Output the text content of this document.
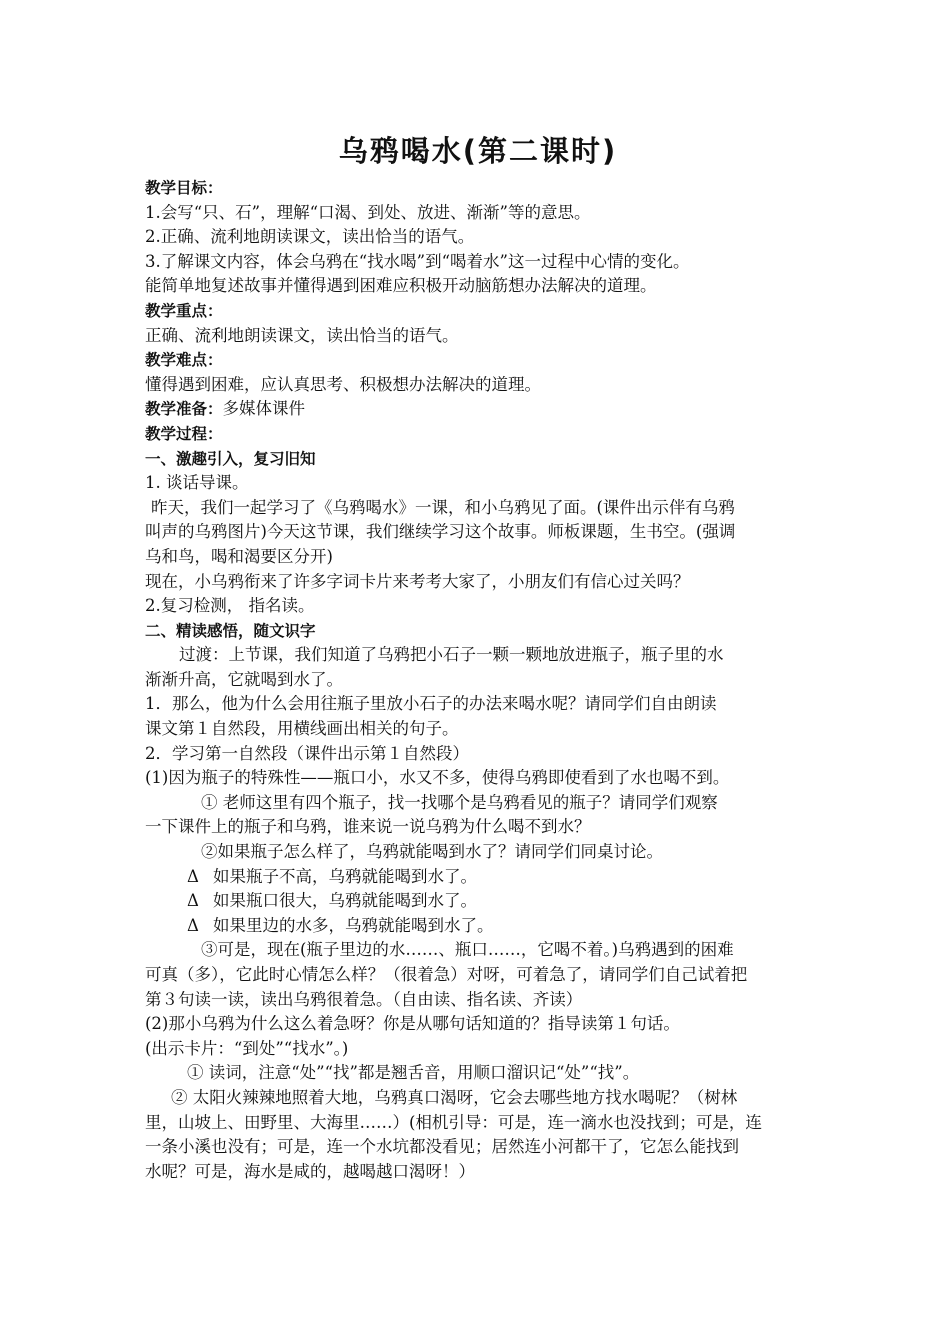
乌鸦喝水(第二课时)

教学目标：

1.会写“只、石”，理解“口渴、到处、放进、渐渐”等的意思。

2.正确、流利地朗读课文，读出恰当的语气。

3.了解课文内容，体会乌鸦在“找水喝”到“喝着水”这一过程中心情的变化。

能简单地复述故事并懂得遇到困难应积极开动脑筋想办法解决的道理。

教学重点：

正确、流利地朗读课文，读出恰当的语气。

教学难点：

懂得遇到困难，应认真思考、积极想办法解决的道理。

教学准备：多媒体课件

教学过程：

一、激趣引入，复习旧知

1. 谈话导课。

昨天，我们一起学习了《乌鸦喝水》一课，和小乌鸦见了面。(课件出示伴有乌鸦

叫声的乌鸦图片)今天这节课，我们继续学习这个故事。师板课题，生书空。(强调

乌和鸟，喝和渴要区分开)

现在，小乌鸦衔来了许多字词卡片来考考大家了，小朋友们有信心过关吗？

2.复习检测， 指名读。

二、精读感悟，随文识字

过渡：上节课，我们知道了乌鸦把小石子一颗一颗地放进瓶子，瓶子里的水

渐渐升高，它就喝到水了。

1．那么，他为什么会用往瓶子里放小石子的办法来喝水呢？请同学们自由朗读

课文第１自然段，用横线画出相关的句子。

2．学习第一自然段（课件出示第１自然段）

(1)因为瓶子的特殊性——瓶口小，水又不多，使得乌鸦即使看到了水也喝不到。

① 老师这里有四个瓶子，找一找哪个是乌鸦看见的瓶子？请同学们观察

一下课件上的瓶子和乌鸦，谁来说一说乌鸦为什么喝不到水？

②如果瓶子怎么样了，乌鸦就能喝到水了？请同学们同桌讨论。

Δ 如果瓶子不高，乌鸦就能喝到水了。

Δ 如果瓶口很大，乌鸦就能喝到水了。

Δ 如果里边的水多，乌鸦就能喝到水了。

③可是，现在(瓶子里边的水……、瓶口……，它喝不着。)乌鸦遇到的困难

可真（多），它此时心情怎么样？（很着急）对呀，可着急了，请同学们自己试着把

第３句读一读，读出乌鸦很着急。（自由读、指名读、齐读）

(2)那小乌鸦为什么这么着急呀？你是从哪句话知道的？指导读第１句话。

(出示卡片：“到处”“找水”。)

① 读词，注意“处”“找”都是翘舌音，用顺口溜识记“处”“找”。

② 太阳火辣辣地照着大地，乌鸦真口渴呀，它会去哪些地方找水喝呢？（树林

里，山坡上、田野里、大海里……）(相机引导：可是，连一滴水也没找到；可是，连

一条小溪也没有；可是，连一个水坑都没看见；居然连小河都干了，它怎么能找到

水呢？可是，海水是咸的，越喝越口渴呀！）
